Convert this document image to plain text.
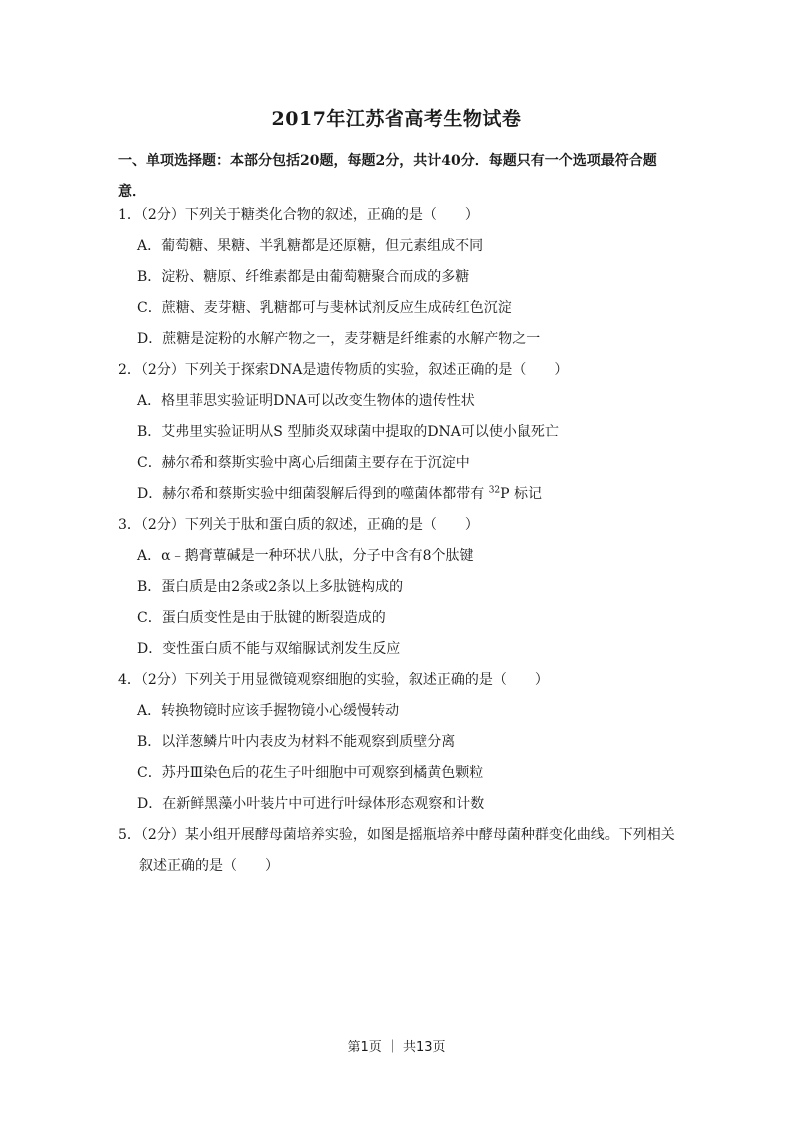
2017年江苏省高考生物试卷
一、单项选择题：本部分包括20题，每题2分，共计40分．每题只有一个选项最符合题意．
1．（2分）下列关于糖类化合物的叙述，正确的是（　　）
A．葡萄糖、果糖、半乳糖都是还原糖，但元素组成不同
B．淀粉、糖原、纤维素都是由葡萄糖聚合而成的多糖
C．蔗糖、麦芽糖、乳糖都可与斐林试剂反应生成砖红色沉淀
D．蔗糖是淀粉的水解产物之一，麦芽糖是纤维素的水解产物之一
2．（2分）下列关于探索DNA是遗传物质的实验，叙述正确的是（　　）
A．格里菲思实验证明DNA可以改变生物体的遗传性状
B．艾弗里实验证明从S 型肺炎双球菌中提取的DNA可以使小鼠死亡
C．赫尔希和蔡斯实验中离心后细菌主要存在于沉淀中
D．赫尔希和蔡斯实验中细菌裂解后得到的噬菌体都带有 $^{32}$P 标记
3．（2分）下列关于肽和蛋白质的叙述，正确的是（　　）
A．α﹣鹅膏蕈碱是一种环状八肽，分子中含有8个肽键
B．蛋白质是由2条或2条以上多肽链构成的
C．蛋白质变性是由于肽键的断裂造成的
D．变性蛋白质不能与双缩脲试剂发生反应
4．（2分）下列关于用显微镜观察细胞的实验，叙述正确的是（　　）
A．转换物镜时应该手握物镜小心缓慢转动
B．以洋葱鳞片叶内表皮为材料不能观察到质壁分离
C．苏丹Ⅲ染色后的花生子叶细胞中可观察到橘黄色颗粒
D．在新鲜黑藻小叶装片中可进行叶绿体形态观察和计数
5．（2分）某小组开展酵母菌培养实验，如图是摇瓶培养中酵母菌种群变化曲线。下列相关叙述正确的是（　　）
第1页 ｜ 共13页
